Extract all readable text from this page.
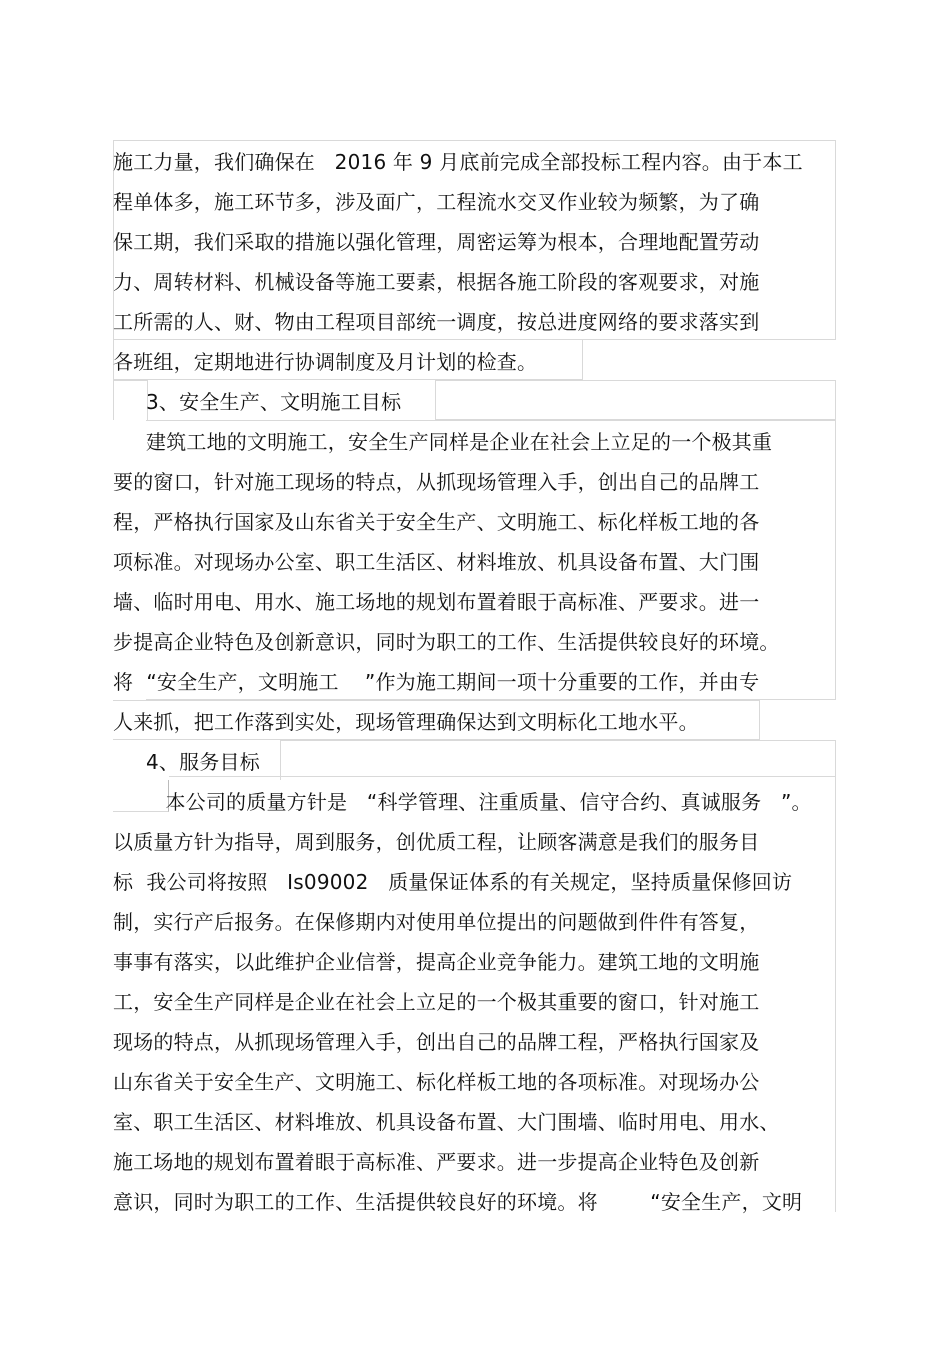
施工力量，我们确保在   2016 年 9 月底前完成全部投标工程内容。由于本工
程单体多，施工环节多，涉及面广，工程流水交叉作业较为频繁，为了确
保工期，我们采取的措施以强化管理，周密运筹为根本，合理地配置劳动
力、周转材料、机械设备等施工要素，根据各施工阶段的客观要求，对施
工所需的人、财、物由工程项目部统一调度，按总进度网络的要求落实到
各班组，定期地进行协调制度及月计划的检查。
3、安全生产、文明施工目标
建筑工地的文明施工，安全生产同样是企业在社会上立足的一个极其重
要的窗口，针对施工现场的特点，从抓现场管理入手，创出自己的品牌工
程，严格执行国家及山东省关于安全生产、文明施工、标化样板工地的各
项标准。对现场办公室、职工生活区、材料堆放、机具设备布置、大门围
墙、临时用电、用水、施工场地的规划布置着眼于高标准、严要求。进一
步提高企业特色及创新意识，同时为职工的工作、生活提供较良好的环境。
将  “安全生产，文明施工    ”作为施工期间一项十分重要的工作，并由专
人来抓，把工作落到实处，现场管理确保达到文明标化工地水平。
4、服务目标
本公司的质量方针是   “科学管理、注重质量、信守合约、真诚服务   ”。
以质量方针为指导，周到服务，创优质工程，让顾客满意是我们的服务目
标  我公司将按照   Is09002   质量保证体系的有关规定，坚持质量保修回访
制，实行产后报务。在保修期内对使用单位提出的问题做到件件有答复，
事事有落实，以此维护企业信誉，提高企业竞争能力。建筑工地的文明施
工，安全生产同样是企业在社会上立足的一个极其重要的窗口，针对施工
现场的特点，从抓现场管理入手，创出自己的品牌工程，严格执行国家及
山东省关于安全生产、文明施工、标化样板工地的各项标准。对现场办公
室、职工生活区、材料堆放、机具设备布置、大门围墙、临时用电、用水、
施工场地的规划布置着眼于高标准、严要求。进一步提高企业特色及创新
意识，同时为职工的工作、生活提供较良好的环境。将        “安全生产，文明
